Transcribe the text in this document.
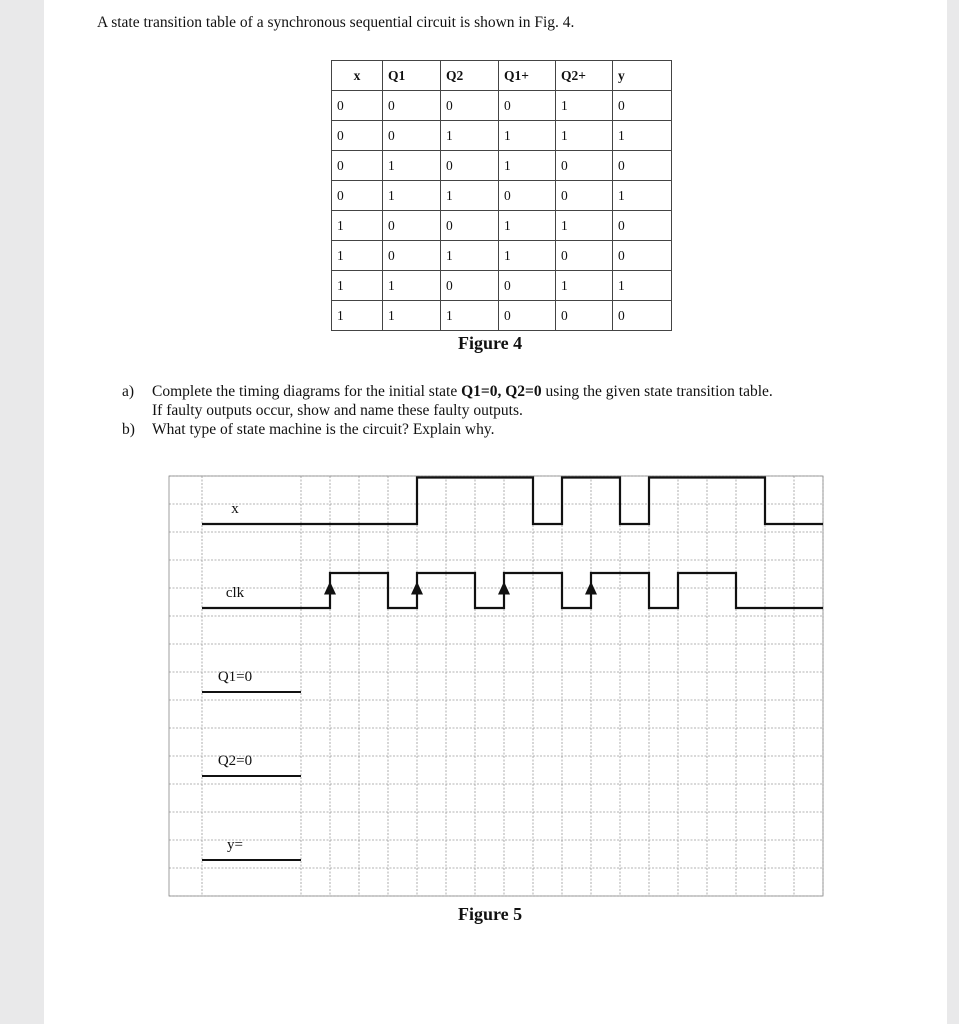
A state transition table of a synchronous sequential circuit is shown in Fig. 4.

x	Q1	Q2	Q1+	Q2+	y
0	0	0	0	1	0
0	0	1	1	1	1
0	1	0	1	0	0
0	1	1	0	0	1
1	0	0	1	1	0
1	0	1	1	0	0
1	1	0	0	1	1
1	1	1	0	0	0

Figure 4

a) Complete the timing diagrams for the initial state Q1=0, Q2=0 using the given state transition table.
If faulty outputs occur, show and name these faulty outputs.
b) What type of state machine is the circuit? Explain why.
x
clk
Q1=0
Q2=0
y=

Figure 5
